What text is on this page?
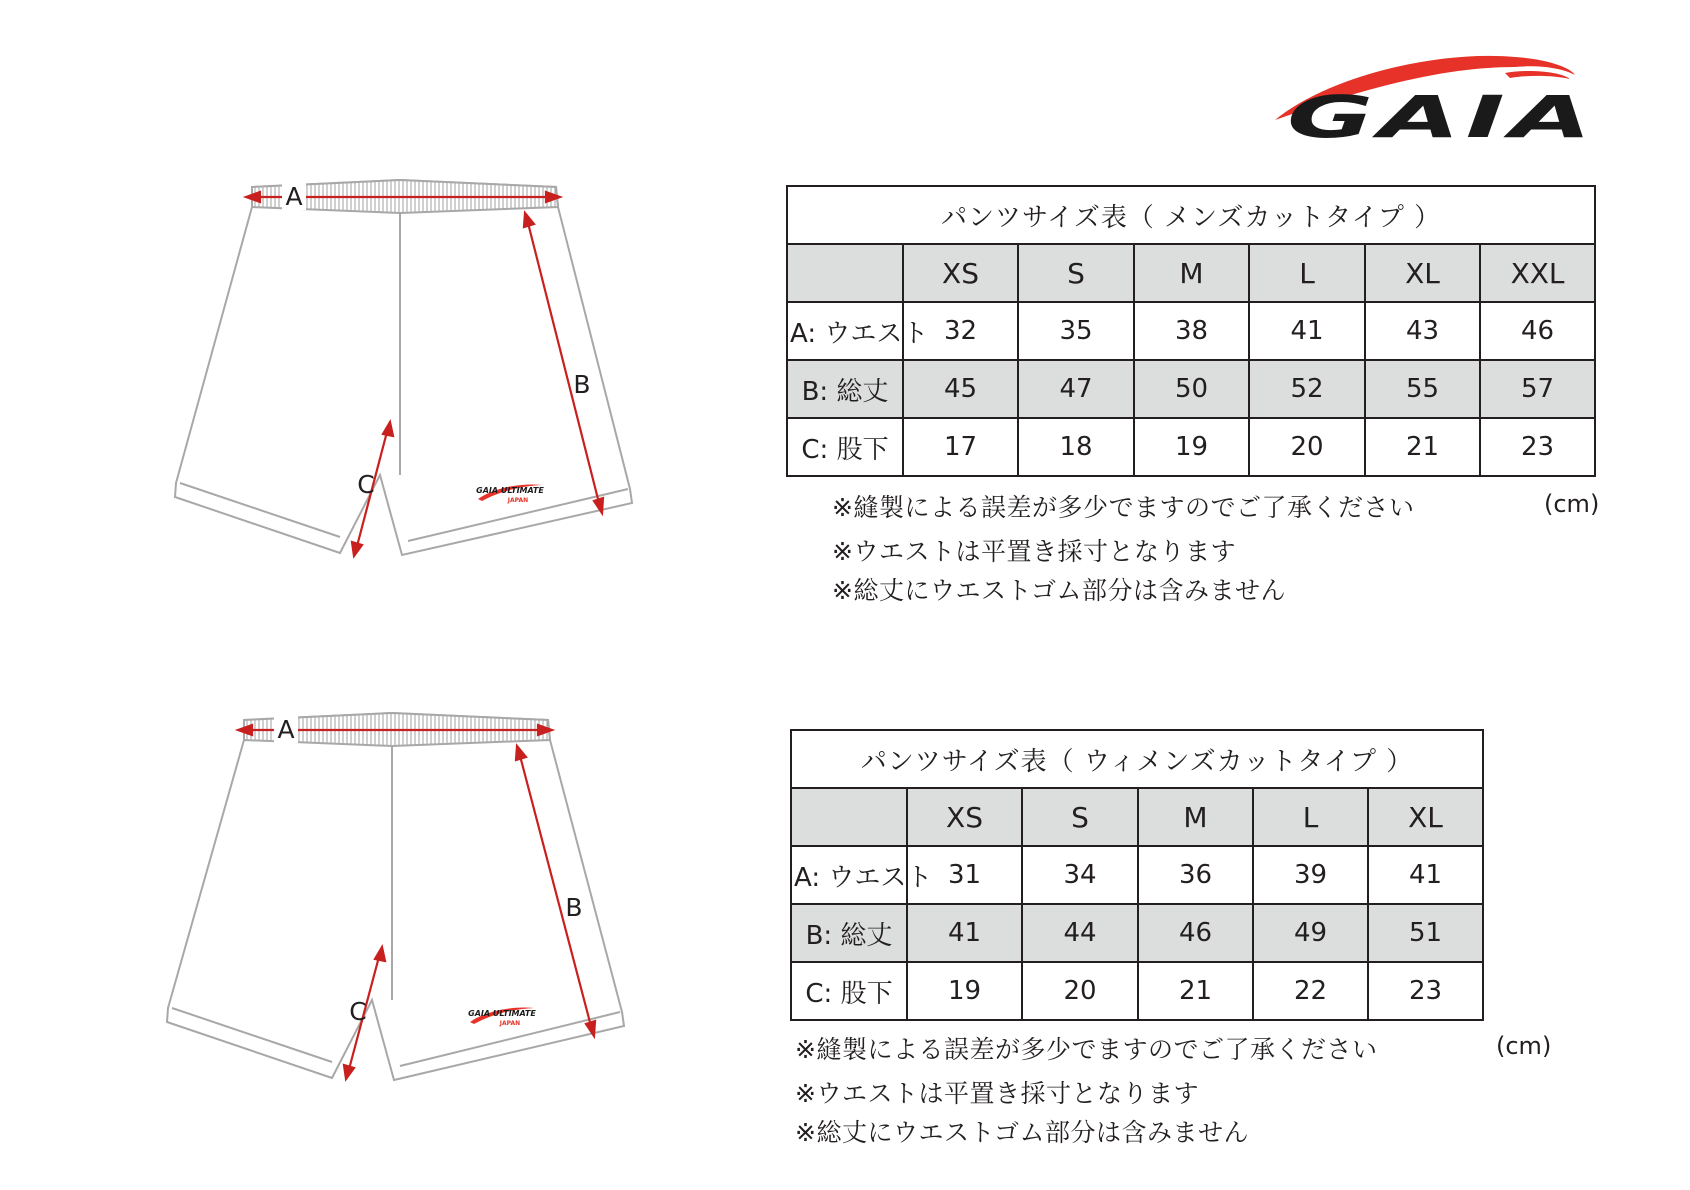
GAIA
A
B
C	GAIA ULTIMATE
JAPAN
A
B
C	GAIA ULTIMATE
JAPAN
パンツサイズ表（ メンズカットタイプ ）						
	XS	S	M	L	XL	XXL
A: ウエスト	32	35	38	41	43	46
B: 総丈	45	47	50	52	55	57
C: 股下	17	18	19	20	21	23
(cm)
※縫製による誤差が多少でますのでご了承ください
※ウエストは平置き採寸となります
※総丈にウエストゴム部分は含みません
パンツサイズ表（ ウィメンズカットタイプ ）					
	XS	S	M	L	XL
A: ウエスト	31	34	36	39	41
B: 総丈	41	44	46	49	51
C: 股下	19	20	21	22	23
(cm)
※縫製による誤差が多少でますのでご了承ください
※ウエストは平置き採寸となります
※総丈にウエストゴム部分は含みません
